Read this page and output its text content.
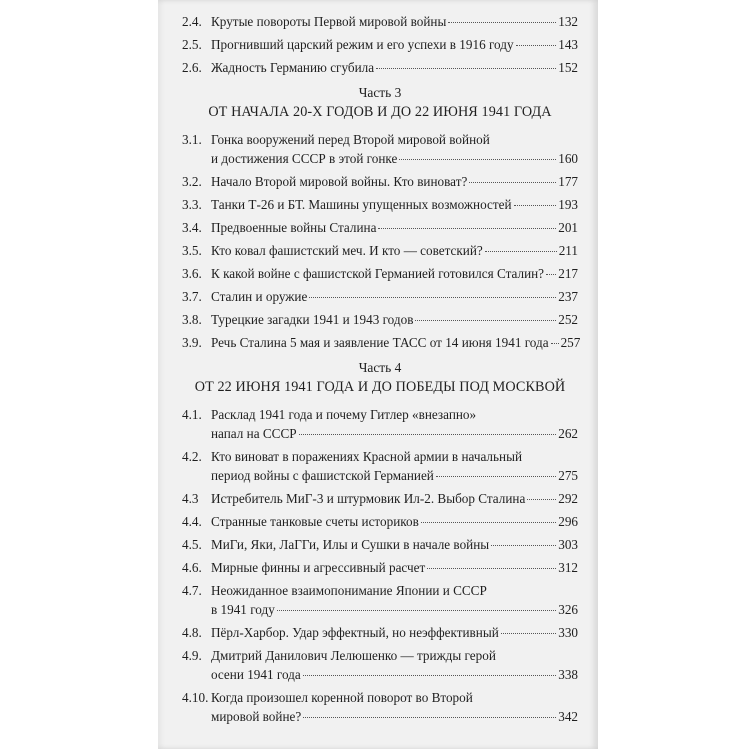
2.4. Крутые повороты Первой мировой войны	132
2.5. Прогнивший царский режим и его успехи в 1916 году	143
2.6. Жадность Германию сгубила	152
Часть 3
ОТ НАЧАЛА 20-Х ГОДОВ И ДО 22 ИЮНЯ 1941 ГОДА
3.1. Гонка вооружений перед Второй мировой войной
и достижения СССР в этой гонке	160
3.2. Начало Второй мировой войны. Кто виноват?	177
3.3. Танки Т-26 и БТ. Машины упущенных возможностей	193
3.4. Предвоенные войны Сталина	201
3.5. Кто ковал фашистский меч. И кто — советский?	211
3.6. К какой войне с фашистской Германией готовился Сталин? 217
3.7. Сталин и оружие	237
3.8. Турецкие загадки 1941 и 1943 годов	252
3.9. Речь Сталина 5 мая и заявление ТАСС от 14 июня 1941 года 257
Часть 4
ОТ 22 ИЮНЯ 1941 ГОДА И ДО ПОБЕДЫ ПОД МОСКВОЙ
4.1. Расклад 1941 года и почему Гитлер «внезапно»
напал на СССР	262
4.2. Кто виноват в поражениях Красной армии в начальный
период войны с фашистской Германией	275
4.3 Истребитель МиГ-3 и штурмовик Ил-2. Выбор Сталина 292
4.4. Странные танковые счеты историков	296
4.5. МиГи, Яки, ЛаГГи, Илы и Сушки в начале войны	303
4.6. Мирные финны и агрессивный расчет	312
4.7. Неожиданное взаимопонимание Японии и СССР
в 1941 году	326
4.8. Пёрл-Харбор. Удар эффектный, но неэффективный	330
4.9. Дмитрий Данилович Лелюшенко — трижды герой
осени 1941 года	338
4.10. Когда произошел коренной поворот во Второй
мировой войне?	342
